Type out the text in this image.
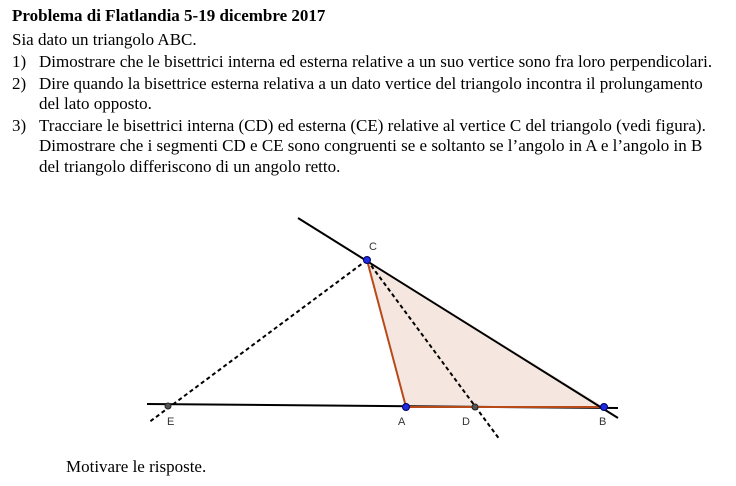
Problema di Flatlandia 5-19 dicembre 2017
Sia dato un triangolo ABC.
1) Dimostrare che le bisettrici interna ed esterna relative a un suo vertice sono fra loro perpendicolari.
2) Dire quando la bisettrice esterna relativa a un dato vertice del triangolo incontra il prolungamento del lato opposto.
3) Tracciare le bisettrici interna (CD) ed esterna (CE) relative al vertice C del triangolo (vedi figura). Dimostrare che i segmenti CD e CE sono congruenti se e soltanto se l’angolo in A e l’angolo in B del triangolo differiscono di un angolo retto.
C
E	A	D	B
Motivare le risposte.
